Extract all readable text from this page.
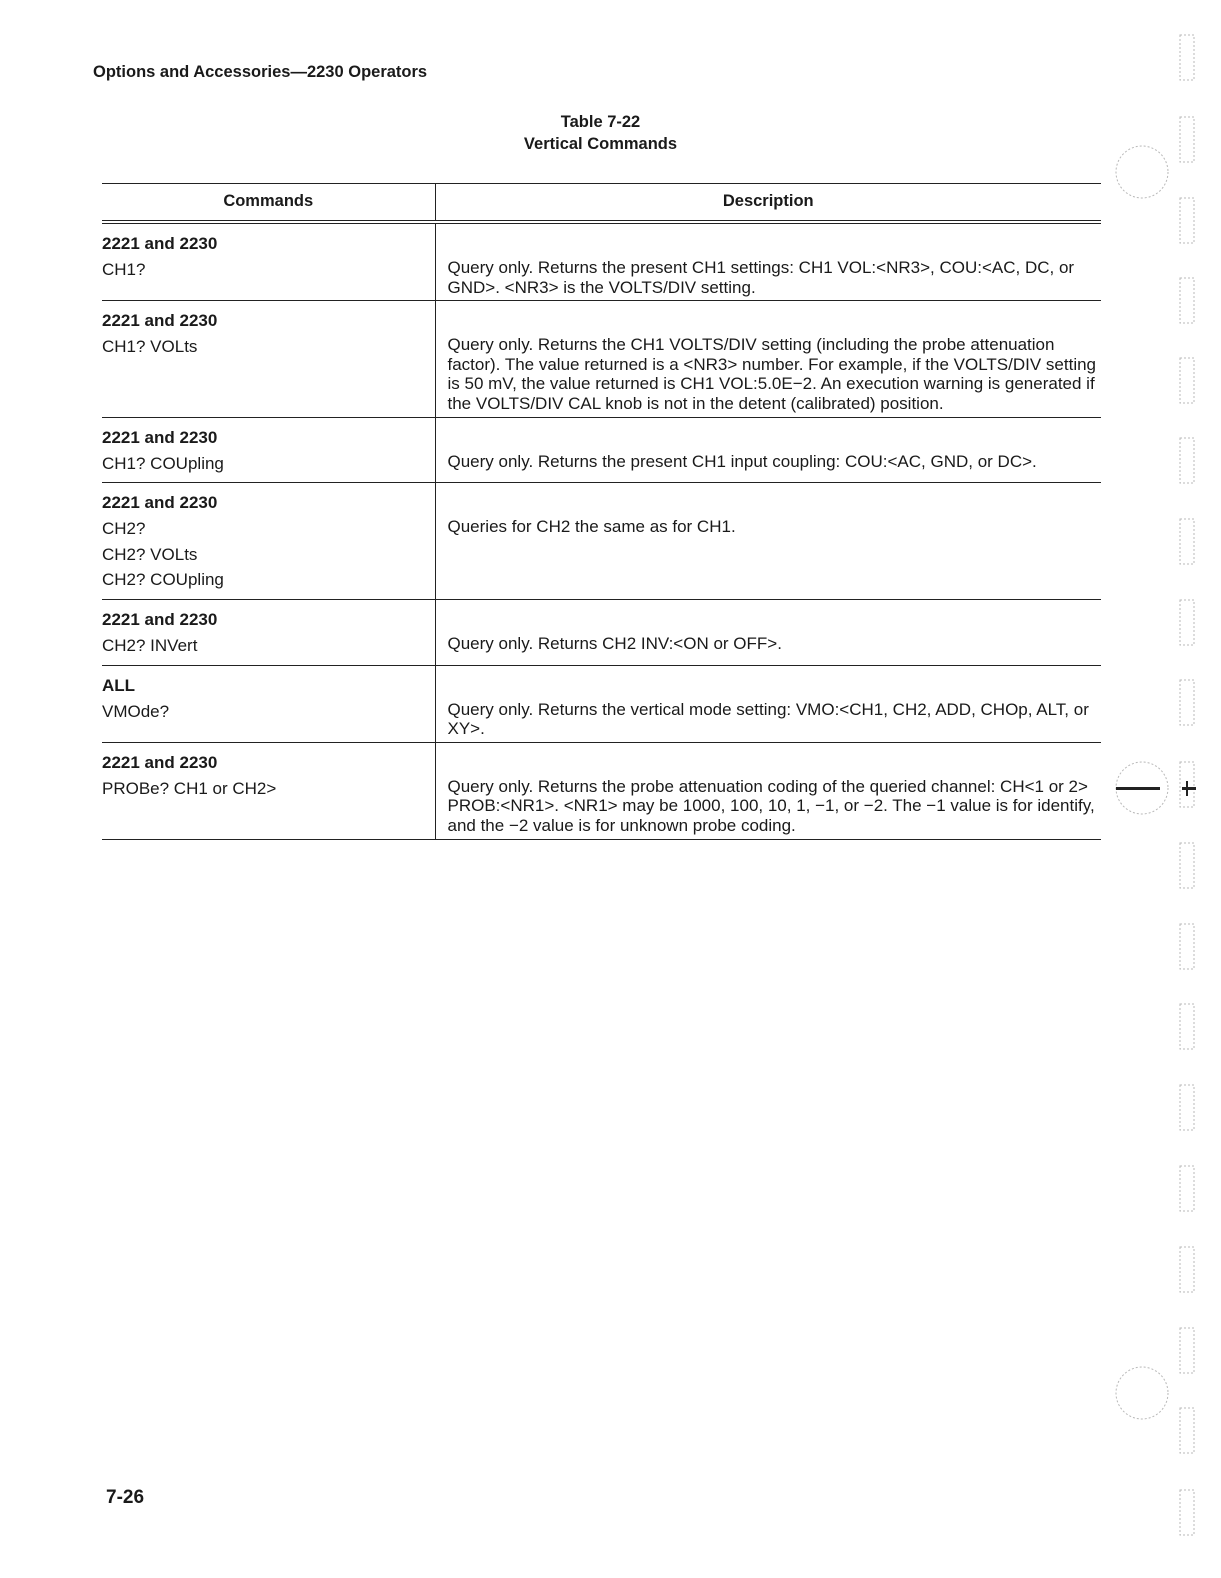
Options and Accessories—2230 Operators
Table 7-22
Vertical Commands
Commands	Description

2221 and 2230
CH1?	Query only. Returns the present CH1 settings: CH1 VOL:<NR3>, COU:<AC, DC, or GND>. <NR3> is the VOLTS/DIV setting.

2221 and 2230
CH1? VOLts	Query only. Returns the CH1 VOLTS/DIV setting (including the probe attenuation factor). The value returned is a <NR3> number. For example, if the VOLTS/DIV setting is 50 mV, the value returned is CH1 VOL:5.0E−2. An execution warning is generated if the VOLTS/DIV CAL knob is not in the detent (calibrated) position.

2221 and 2230
CH1? COUpling	Query only. Returns the present CH1 input coupling: COU:<AC, GND, or DC>.

2221 and 2230
CH2?
CH2? VOLts
CH2? COUpling	Queries for CH2 the same as for CH1.

2221 and 2230
CH2? INVert	Query only. Returns CH2 INV:<ON or OFF>.

ALL
VMOde?	Query only. Returns the vertical mode setting: VMO:<CH1, CH2, ADD, CHOp, ALT, or XY>.

2221 and 2230
PROBe? CH1 or CH2>	Query only. Returns the probe attenuation coding of the queried channel: CH<1 or 2> PROB:<NR1>. <NR1> may be 1000, 100, 10, 1, −1, or −2. The −1 value is for identify, and the −2 value is for unknown probe coding.
7-26
